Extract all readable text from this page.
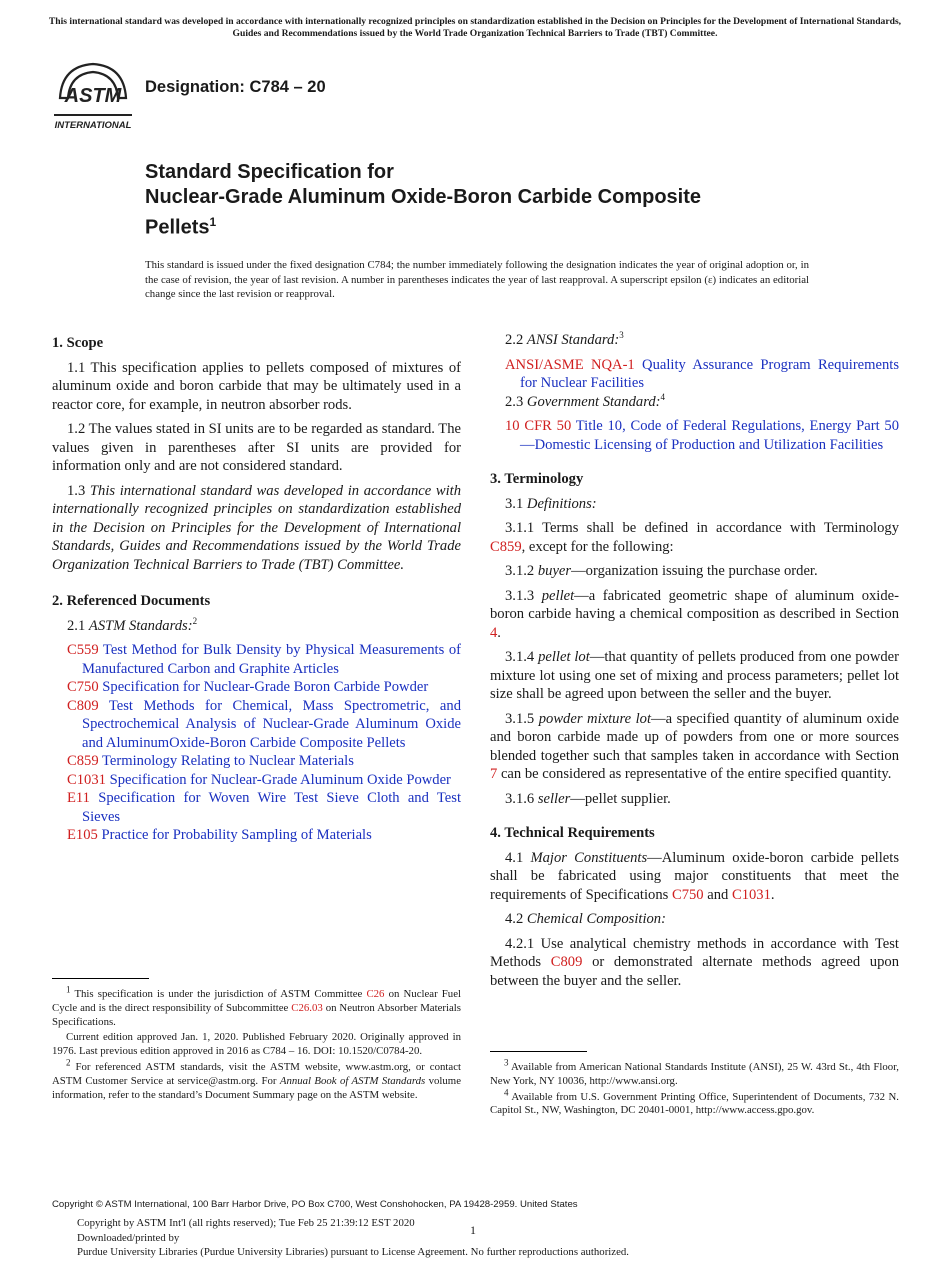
This international standard was developed in accordance with internationally recognized principles on standardization established in the Decision on Principles for the Development of International Standards, Guides and Recommendations issued by the World Trade Organization Technical Barriers to Trade (TBT) Committee.
ASTM
INTERNATIONAL
Designation: C784 – 20
Standard Specification for
Nuclear-Grade Aluminum Oxide-Boron Carbide Composite
Pellets$^1$
This standard is issued under the fixed designation C784; the number immediately following the designation indicates the year of original adoption or, in the case of revision, the year of last revision. A number in parentheses indicates the year of last reapproval. A superscript epsilon (ε) indicates an editorial change since the last revision or reapproval.
1. Scope

1.1 This specification applies to pellets composed of mixtures of aluminum oxide and boron carbide that may be ultimately used in a reactor core, for example, in neutron absorber rods.

1.2 The values stated in SI units are to be regarded as standard. The values given in parentheses after SI units are provided for information only and are not considered standard.

1.3 This international standard was developed in accordance with internationally recognized principles on standardization established in the Decision on Principles for the Development of International Standards, Guides and Recommendations issued by the World Trade Organization Technical Barriers to Trade (TBT) Committee.

2. Referenced Documents

2.1 ASTM Standards:$^2$

C559 Test Method for Bulk Density by Physical Measurements of Manufactured Carbon and Graphite Articles
C750 Specification for Nuclear-Grade Boron Carbide Powder
C809 Test Methods for Chemical, Mass Spectrometric, and Spectrochemical Analysis of Nuclear-Grade Aluminum Oxide and AluminumOxide-Boron Carbide Composite Pellets
C859 Terminology Relating to Nuclear Materials
C1031 Specification for Nuclear-Grade Aluminum Oxide Powder
E11 Specification for Woven Wire Test Sieve Cloth and Test Sieves
E105 Practice for Probability Sampling of Materials

2.2 ANSI Standard:$^3$

ANSI/ASME NQA-1 Quality Assurance Program Requirements for Nuclear Facilities

2.3 Government Standard:$^4$

10 CFR 50 Title 10, Code of Federal Regulations, Energy Part 50—Domestic Licensing of Production and Utilization Facilities
3. Terminology

3.1 Definitions:

3.1.1 Terms shall be defined in accordance with Terminology C859, except for the following:

3.1.2 buyer—organization issuing the purchase order.

3.1.3 pellet—a fabricated geometric shape of aluminum oxide-boron carbide having a chemical composition as described in Section 4.

3.1.4 pellet lot—that quantity of pellets produced from one powder mixture lot using one set of mixing and process parameters; pellet lot size shall be agreed upon between the seller and the buyer.

3.1.5 powder mixture lot—a specified quantity of aluminum oxide and boron carbide made up of powders from one or more sources blended together such that samples taken in accordance with Section 7 can be considered as representative of the entire specified quantity.

3.1.6 seller—pellet supplier.

4. Technical Requirements

4.1 Major Constituents—Aluminum oxide-boron carbide pellets shall be fabricated using major constituents that meet the requirements of Specifications C750 and C1031.

4.2 Chemical Composition:

4.2.1 Use analytical chemistry methods in accordance with Test Methods C809 or demonstrated alternate methods agreed upon between the buyer and the seller.

$^1$ This specification is under the jurisdiction of ASTM Committee C26 on Nuclear Fuel Cycle and is the direct responsibility of Subcommittee C26.03 on Neutron Absorber Materials Specifications.

Current edition approved Jan. 1, 2020. Published February 2020. Originally approved in 1976. Last previous edition approved in 2016 as C784 – 16. DOI: 10.1520/C0784-20.

$^2$ For referenced ASTM standards, visit the ASTM website, www.astm.org, or contact ASTM Customer Service at service@astm.org. For Annual Book of ASTM Standards volume information, refer to the standard’s Document Summary page on the ASTM website.

$^3$ Available from American National Standards Institute (ANSI), 25 W. 43rd St., 4th Floor, New York, NY 10036, http://www.ansi.org.

$^4$ Available from U.S. Government Printing Office, Superintendent of Documents, 732 N. Capitol St., NW, Washington, DC 20401-0001, http://www.access.gpo.gov.

Copyright © ASTM International, 100 Barr Harbor Drive, PO Box C700, West Conshohocken, PA 19428-2959. United States
Copyright by ASTM Int'l (all rights reserved); Tue Feb 25 21:39:12 EST 2020
Downloaded/printed by
Purdue University Libraries (Purdue University Libraries) pursuant to License Agreement. No further reproductions authorized.
1
